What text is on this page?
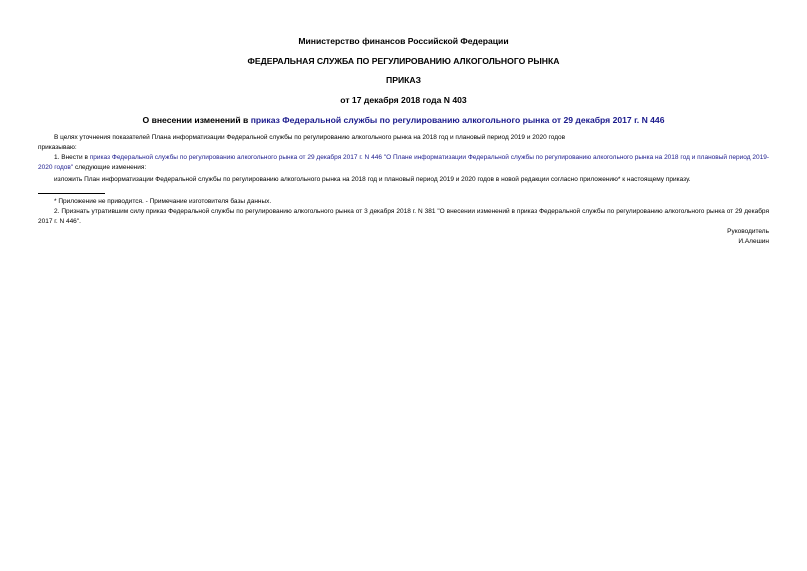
Министерство финансов Российской Федерации

ФЕДЕРАЛЬНАЯ СЛУЖБА ПО РЕГУЛИРОВАНИЮ АЛКОГОЛЬНОГО РЫНКА

ПРИКАЗ

от 17 декабря 2018 года N 403

О внесении изменений в приказ Федеральной службы по регулированию алкогольного рынка от 29 декабря 2017 г. N 446

В целях уточнения показателей Плана информатизации Федеральной службы по регулированию алкогольного рынка на 2018 год и плановый период 2019 и 2020 годов
приказываю:
1. Внести в приказ Федеральной службы по регулированию алкогольного рынка от 29 декабря 2017 г. N 446 "О Плане информатизации Федеральной службы по регулированию алкогольного рынка на 2018 год и плановый период 2019-2020 годов" следующие изменения:
изложить План информатизации Федеральной службы по регулированию алкогольного рынка на 2018 год и плановый период 2019 и 2020 годов в новой редакции согласно приложению* к настоящему приказу.
* Приложение не приводится. - Примечание изготовителя базы данных.
2. Признать утратившим силу приказ Федеральной службы по регулированию алкогольного рынка от 3 декабря 2018 г. N 381 "О внесении изменений в приказ Федеральной службы по регулированию алкогольного рынка от 29 декабря 2017 г. N 446".
Руководитель
И.Алешин
